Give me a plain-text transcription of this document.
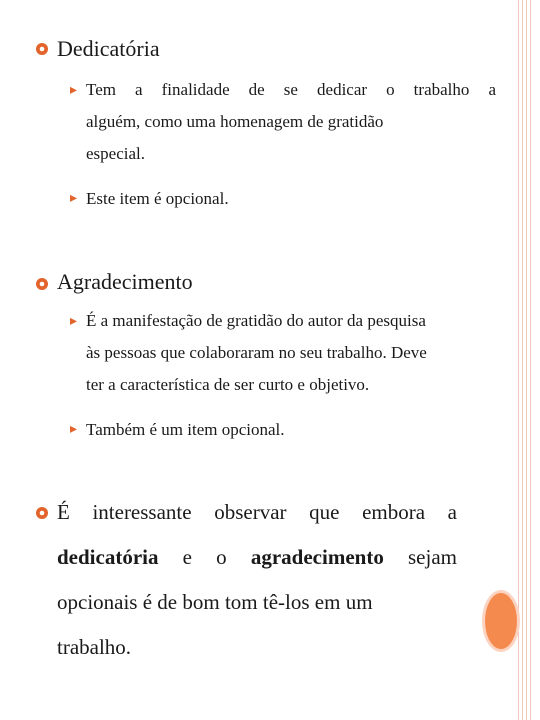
Dedicatória
▸ Tem a finalidade de se dedicar o trabalho a
alguém, como uma homenagem de gratidão
especial.
▸ Este item é opcional.
Agradecimento
▸ É a manifestação de gratidão do autor da pesquisa
às pessoas que colaboraram no seu trabalho. Deve
ter a característica de ser curto e objetivo.
▸ Também é um item opcional.
É interessante observar que embora a
dedicatória e o agradecimento sejam
opcionais é de bom tom tê-los em um
trabalho.
